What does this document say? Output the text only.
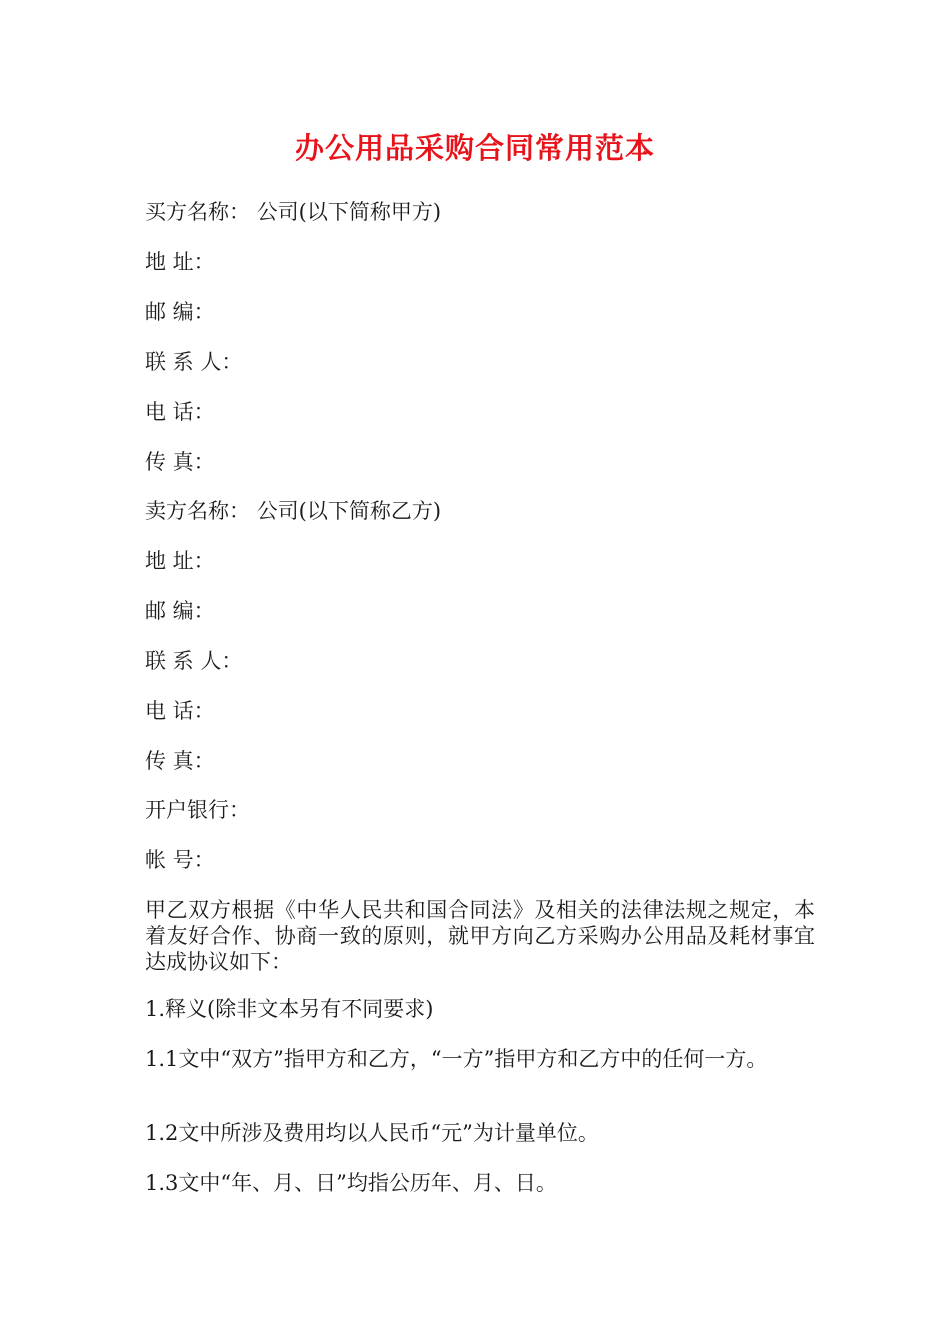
办公用品采购合同常用范本
买方名称： 公司(以下简称甲方)
地 址：
邮 编：
联 系 人：
电 话：
传 真：
卖方名称： 公司(以下简称乙方)
地 址：
邮 编：
联 系 人：
电 话：
传 真：
开户银行：
帐 号：
甲乙双方根据《中华人民共和国合同法》及相关的法律法规之规定，本着友好合作、协商一致的原则，就甲方向乙方采购办公用品及耗材事宜达成协议如下：
1.释义(除非文本另有不同要求)
1.1文中“双方”指甲方和乙方，“一方”指甲方和乙方中的任何一方。
1.2文中所涉及费用均以人民币“元”为计量单位。
1.3文中“年、月、日”均指公历年、月、日。
